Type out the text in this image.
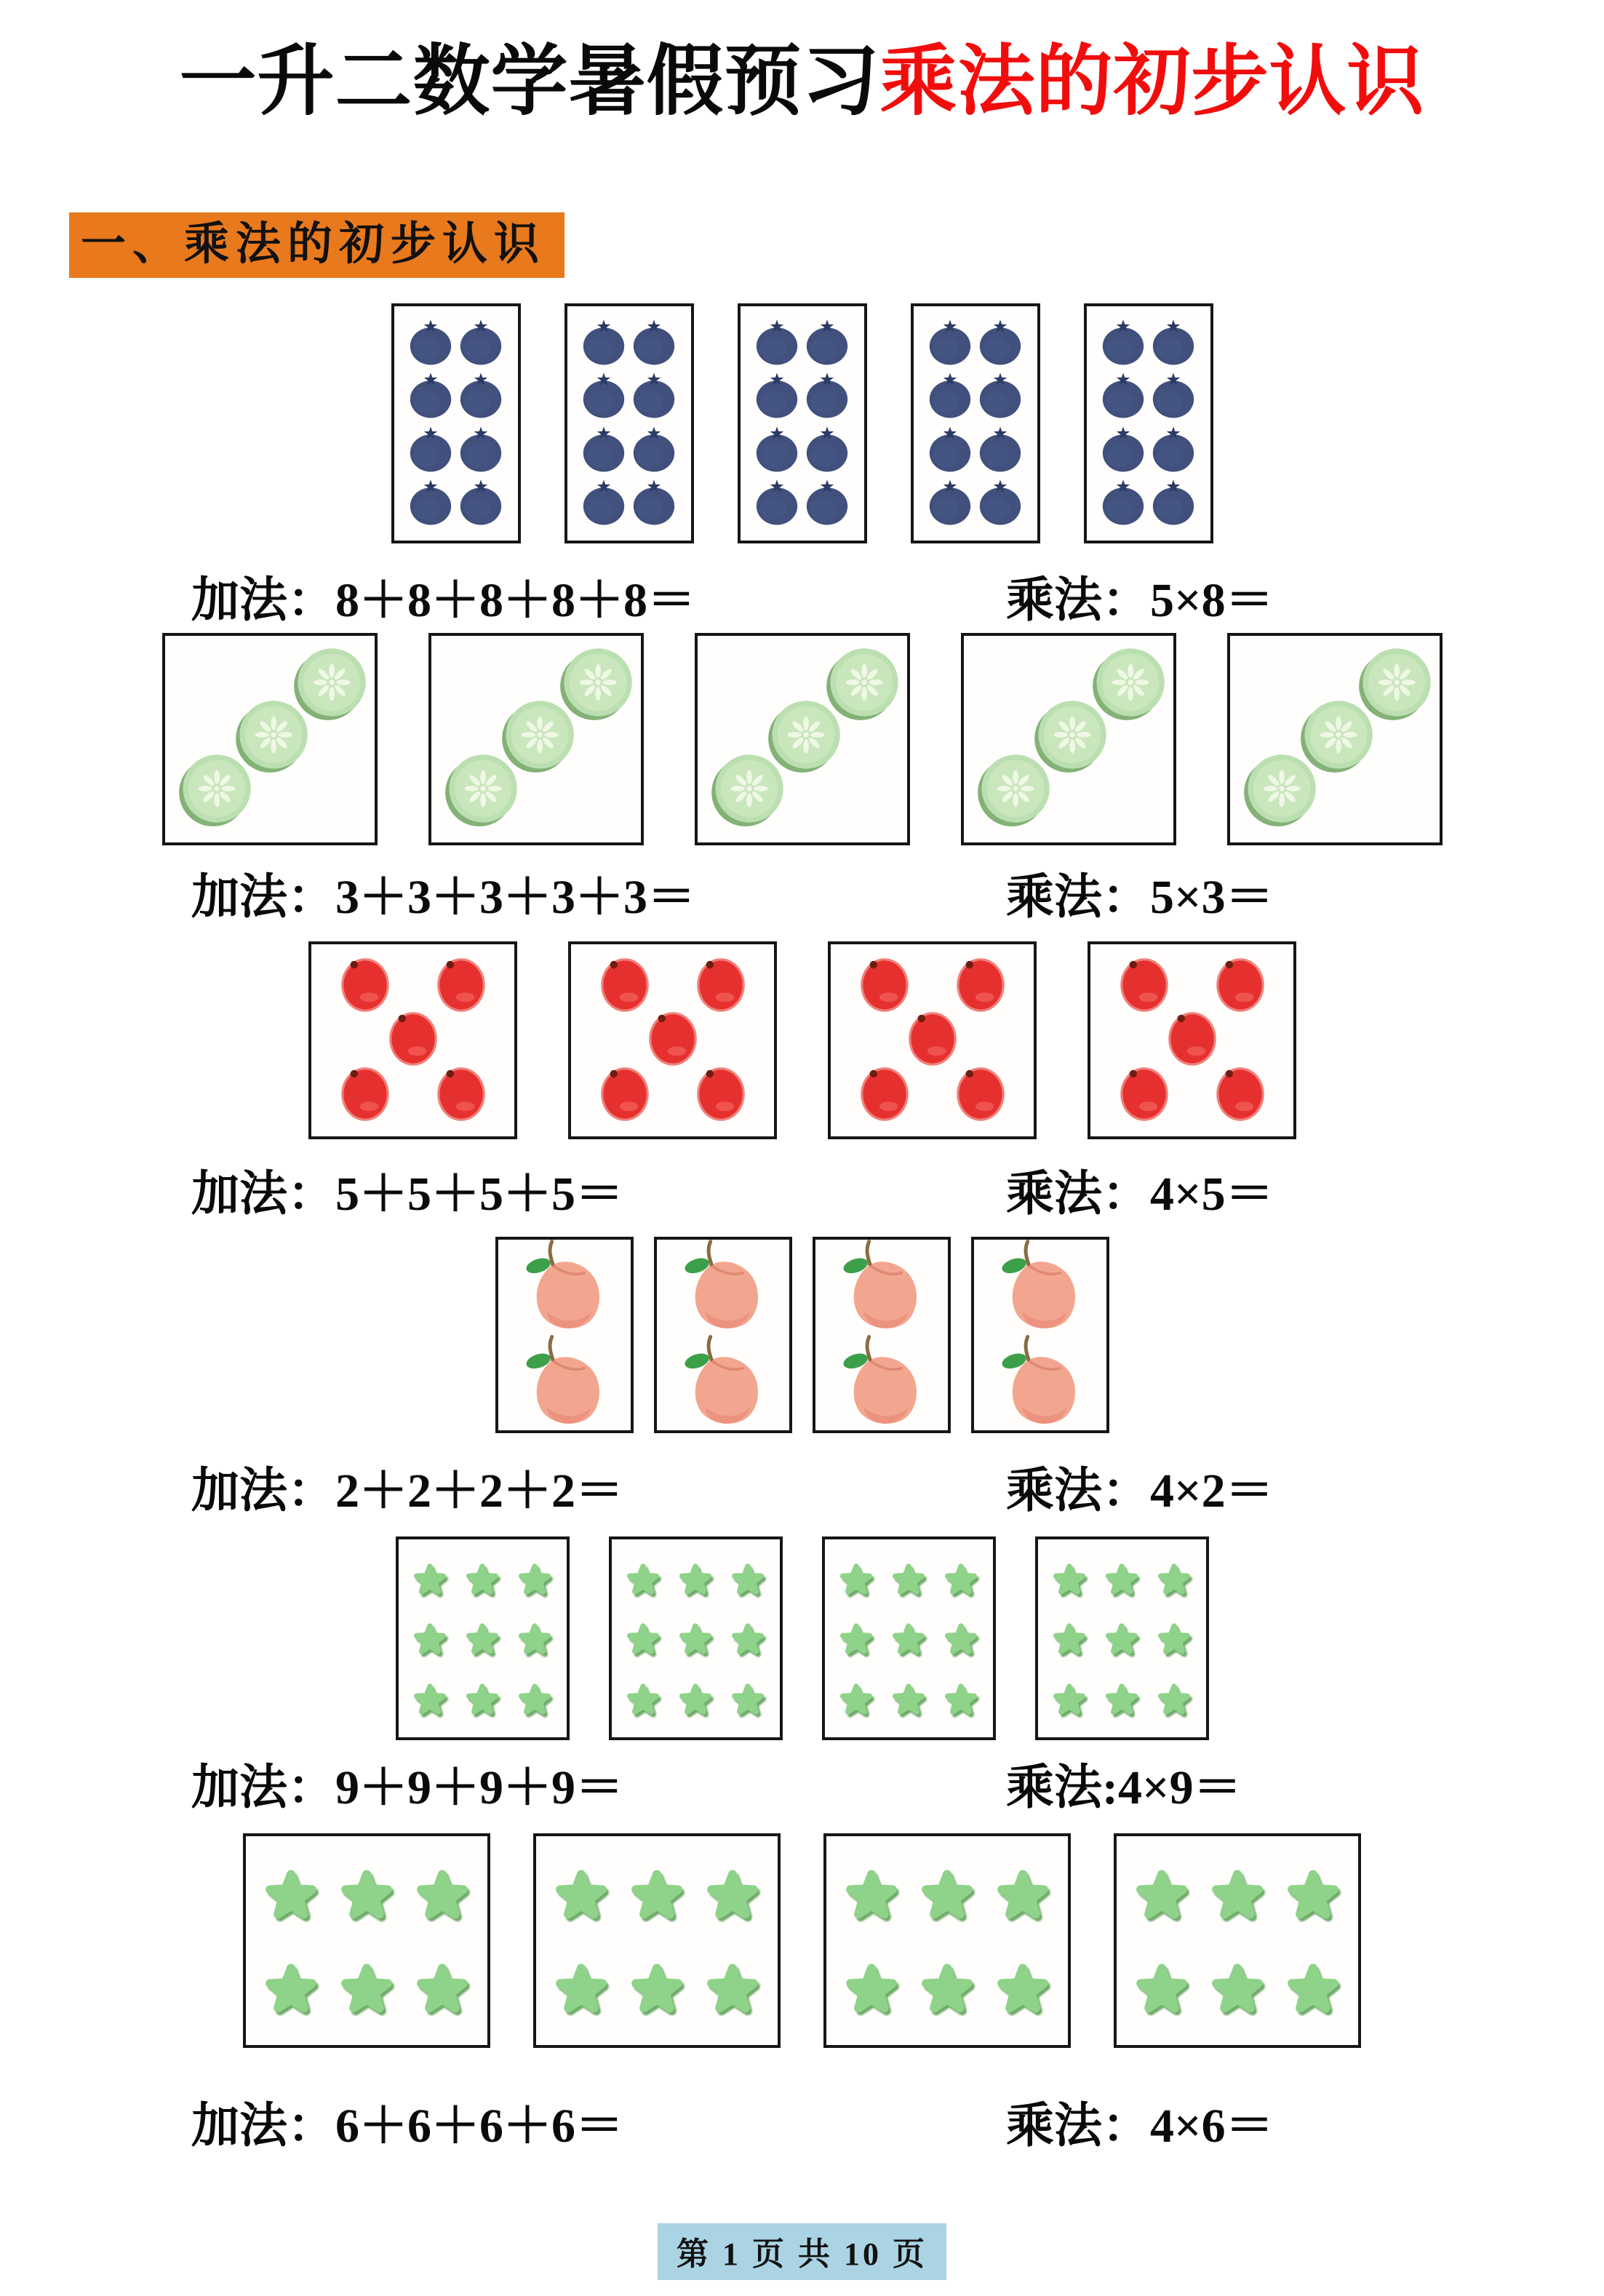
一升二数学暑假预习乘法的初步认识
一、乘法的初步认识
加法：8＋8＋8＋8＋8＝	乘法：5×8＝
加法：3＋3＋3＋3＋3＝	乘法：5×3＝
加法：5＋5＋5＋5＝	乘法：4×5＝
加法：2＋2＋2＋2＝	乘法：4×2＝
加法：9＋9＋9＋9＝	乘法:4×9＝
加法：6＋6＋6＋6＝	乘法：4×6＝
第 1 页 共 10 页
